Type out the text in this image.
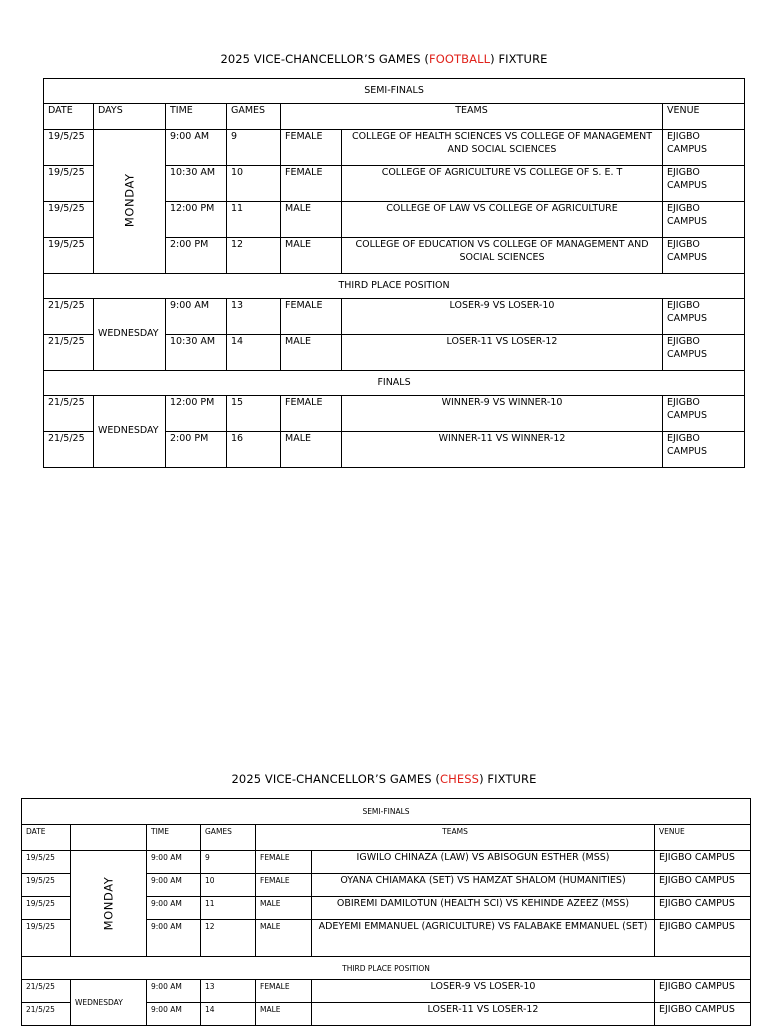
2025 VICE-CHANCELLOR’S GAMES (FOOTBALL) FIXTURE
SEMI-FINALS						
DATE	DAYS	TIME	GAMES	TEAMS		VENUE
19/5/25	MONDAY	9:00 AM	9	FEMALE	COLLEGE OF HEALTH SCIENCES VS COLLEGE OF MANAGEMENT AND SOCIAL SCIENCES	EJIGBO CAMPUS
19/5/25		10:30 AM	10	FEMALE	COLLEGE OF AGRICULTURE VS COLLEGE OF S. E. T	EJIGBO CAMPUS
19/5/25		12:00 PM	11	MALE	COLLEGE OF LAW VS COLLEGE OF AGRICULTURE	EJIGBO CAMPUS
19/5/25		2:00 PM	12	MALE	COLLEGE OF EDUCATION VS COLLEGE OF MANAGEMENT AND SOCIAL SCIENCES	EJIGBO CAMPUS
THIRD PLACE POSITION						
21/5/25	WEDNESDAY	9:00 AM	13	FEMALE	LOSER-9 VS LOSER-10	EJIGBO CAMPUS
21/5/25		10:30 AM	14	MALE	LOSER-11 VS LOSER-12	EJIGBO CAMPUS
FINALS						
21/5/25	WEDNESDAY	12:00 PM	15	FEMALE	WINNER-9 VS WINNER-10	EJIGBO CAMPUS
21/5/25		2:00 PM	16	MALE	WINNER-11 VS WINNER-12	EJIGBO CAMPUS
2025 VICE-CHANCELLOR’S GAMES (CHESS) FIXTURE
SEMI-FINALS						
DATE		TIME	GAMES	TEAMS		VENUE
19/5/25	MONDAY	9:00 AM	9	FEMALE	IGWILO CHINAZA (LAW) VS ABISOGUN ESTHER (MSS)	EJIGBO CAMPUS
19/5/25		9:00 AM	10	FEMALE	OYANA CHIAMAKA (SET) VS HAMZAT SHALOM (HUMANITIES)	EJIGBO CAMPUS
19/5/25		9:00 AM	11	MALE	OBIREMI DAMILOTUN (HEALTH SCI) VS KEHINDE AZEEZ (MSS)	EJIGBO CAMPUS
19/5/25		9:00 AM	12	MALE	ADEYEMI EMMANUEL (AGRICULTURE) VS FALABAKE EMMANUEL (SET)	EJIGBO CAMPUS
THIRD PLACE POSITION						
21/5/25	WEDNESDAY	9:00 AM	13	FEMALE	LOSER-9 VS LOSER-10	EJIGBO CAMPUS
21/5/25		9:00 AM	14	MALE	LOSER-11 VS LOSER-12	EJIGBO CAMPUS
